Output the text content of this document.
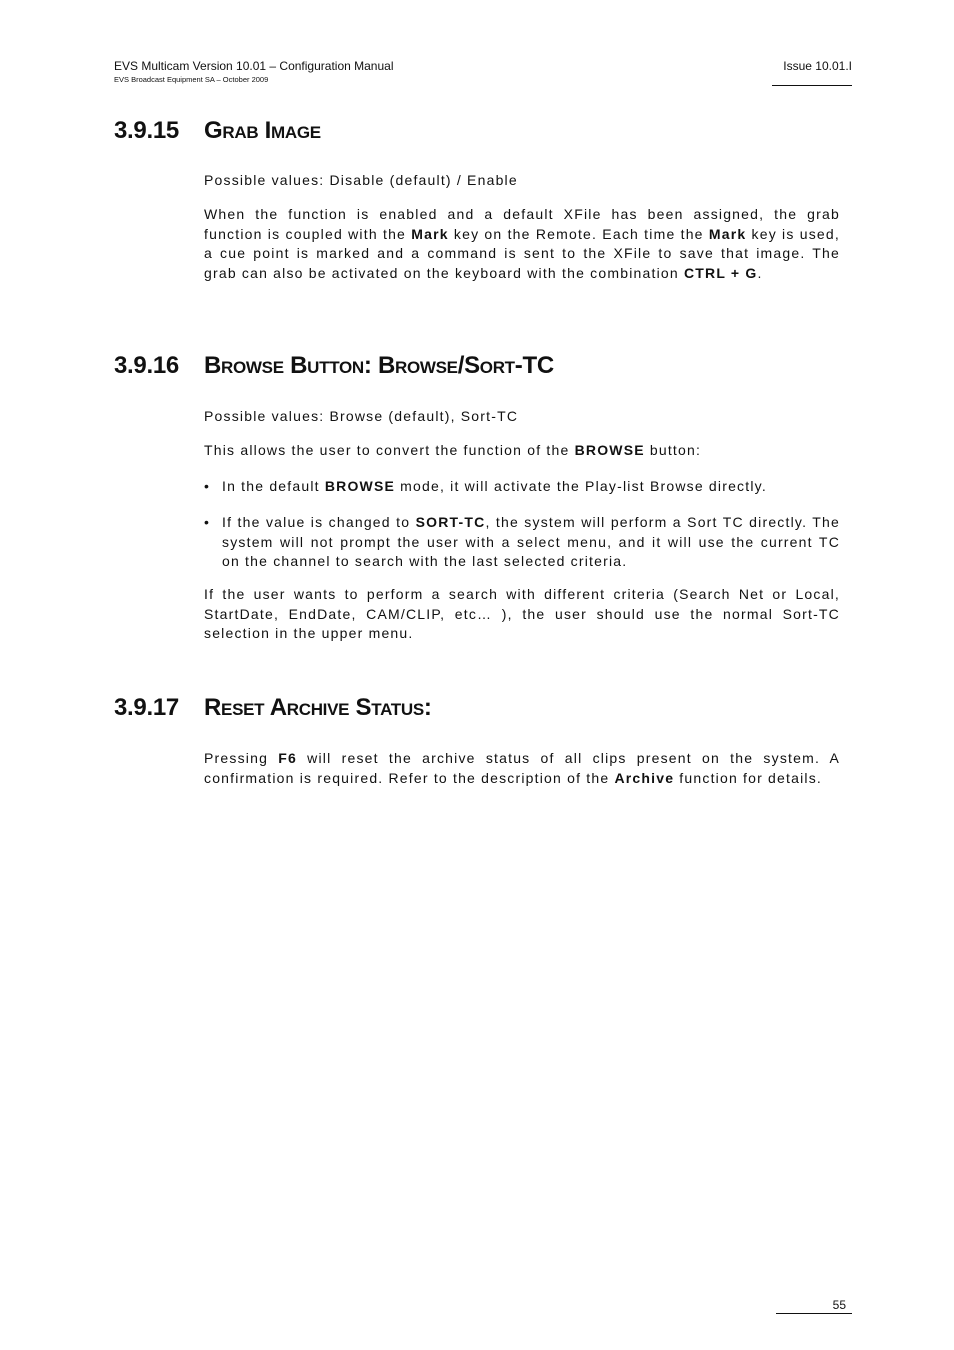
EVS Multicam Version 10.01 – Configuration Manual
EVS Broadcast Equipment SA – October 2009
Issue 10.01.I
3.9.15 Grab Image

Possible values: Disable (default) / Enable

When the function is enabled and a default XFile has been assigned, the grab function is coupled with the Mark key on the Remote. Each time the Mark key is used, a cue point is marked and a command is sent to the XFile to save that image. The grab can also be activated on the keyboard with the combination CTRL + G.

3.9.16 Browse Button: Browse/Sort-TC

Possible values: Browse (default), Sort-TC

This allows the user to convert the function of the BROWSE button:

• In the default BROWSE mode, it will activate the Play-list Browse directly.
• If the value is changed to SORT-TC, the system will perform a Sort TC directly. The system will not prompt the user with a select menu, and it will use the current TC on the channel to search with the last selected criteria.

If the user wants to perform a search with different criteria (Search Net or Local, StartDate, EndDate, CAM/CLIP, etc… ), the user should use the normal Sort-TC selection in the upper menu.

3.9.17 Reset Archive Status:

Pressing F6 will reset the archive status of all clips present on the system. A confirmation is required. Refer to the description of the Archive function for details.

55
